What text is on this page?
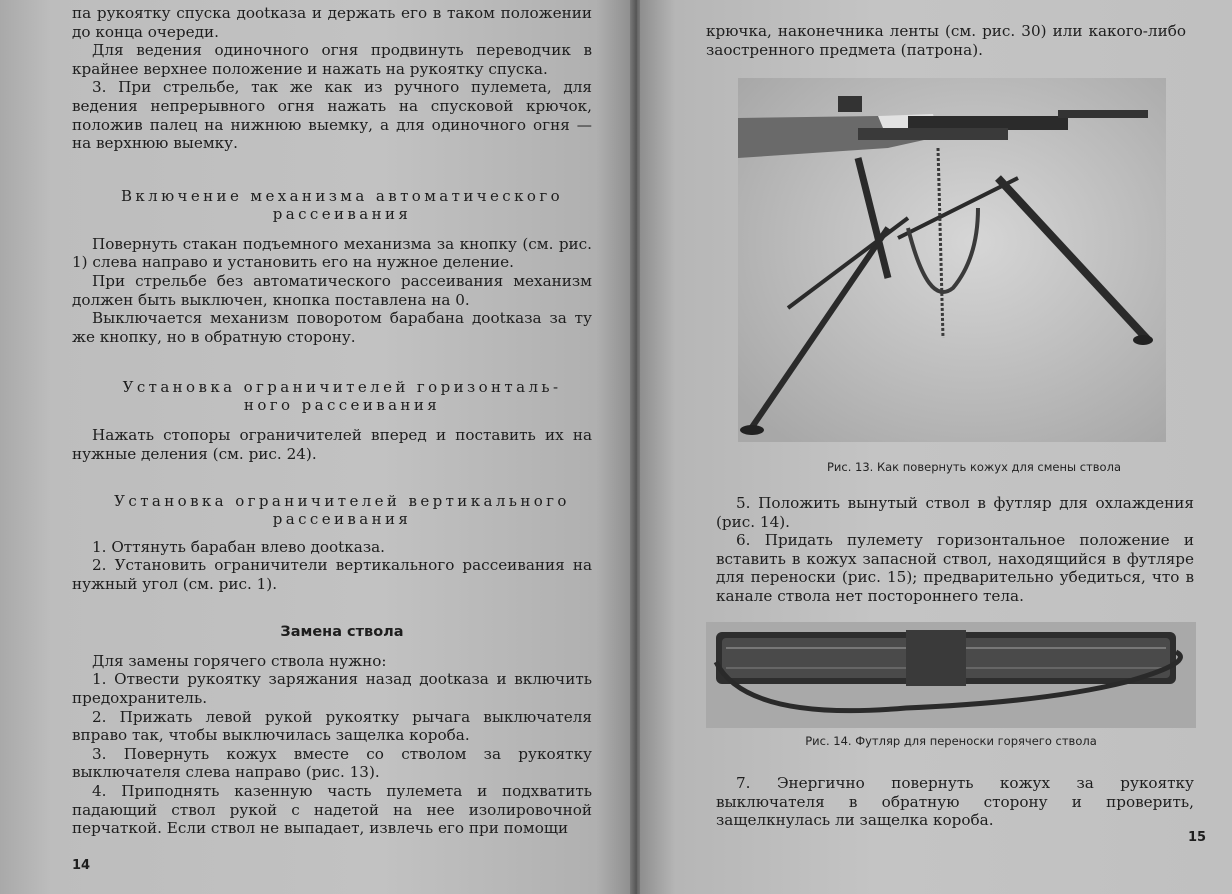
па рукоятку спуска дootказа и держать его в таком положении до конца очереди.

Для ведения одиночного огня продвинуть переводчик в крайнее верхнее положение и нажать на рукоятку спуска.

3. При стрельбе, так же как из ручного пулемета, для ведения непрерывного огня нажать на спусковой крючок, положив палец на нижнюю выемку, а для одиночного огня — на верхнюю выемку.

Включение механизма автоматического

рассеивания

Повернуть стакан подъемного механизма за кнопку (см. рис. 1) слева направо и установить его на нужное деление.

При стрельбе без автоматического рассеивания механизм должен быть выключен, кнопка поставлена на 0.

Выключается механизм поворотом барабана дootказа за ту же кнопку, но в обратную сторону.

Установка ограничителей горизонталь-

ного рассеивания

Нажать стопоры ограничителей вперед и поставить их на нужные деления (см. рис. 24).

Установка ограничителей вертикального

рассеивания

1. Оттянуть барабан влево дootказа.

2. Установить ограничители вертикального рассеивания на нужный угол (см. рис. 1).

Замена ствола

Для замены горячего ствола нужно:

1. Отвести рукоятку заряжания назад дootказа и включить предохранитель.

2. Прижать левой рукой рукоятку рычага выключателя вправо так, чтобы выключилась защелка короба.

3. Повернуть кожух вместе со стволом за рукоятку выключателя слева направо (рис. 13).

4. Приподнять казенную часть пулемета и подхватить падающий ствол рукой с надетой на нее изолировочной перчаткой. Если ствол не выпадает, извлечь его при помощи

14

крючка, наконечника ленты (см. рис. 30) или какого-либо заостренного предмета (патрона).

Рис. 13. Как повернуть кожух для смены ствола

5. Положить вынутый ствол в футляр для охлаждения (рис. 14).

6. Придать пулемету горизонтальное положение и вставить в кожух запасной ствол, находящийся в футляре для переноски (рис. 15); предварительно убедиться, что в канале ствола нет постороннего тела.

Рис. 14. Футляр для переноски горячего ствола

7. Энергично повернуть кожух за рукоятку выключателя в обратную сторону и проверить, защелкнулась ли защелка короба.

15
